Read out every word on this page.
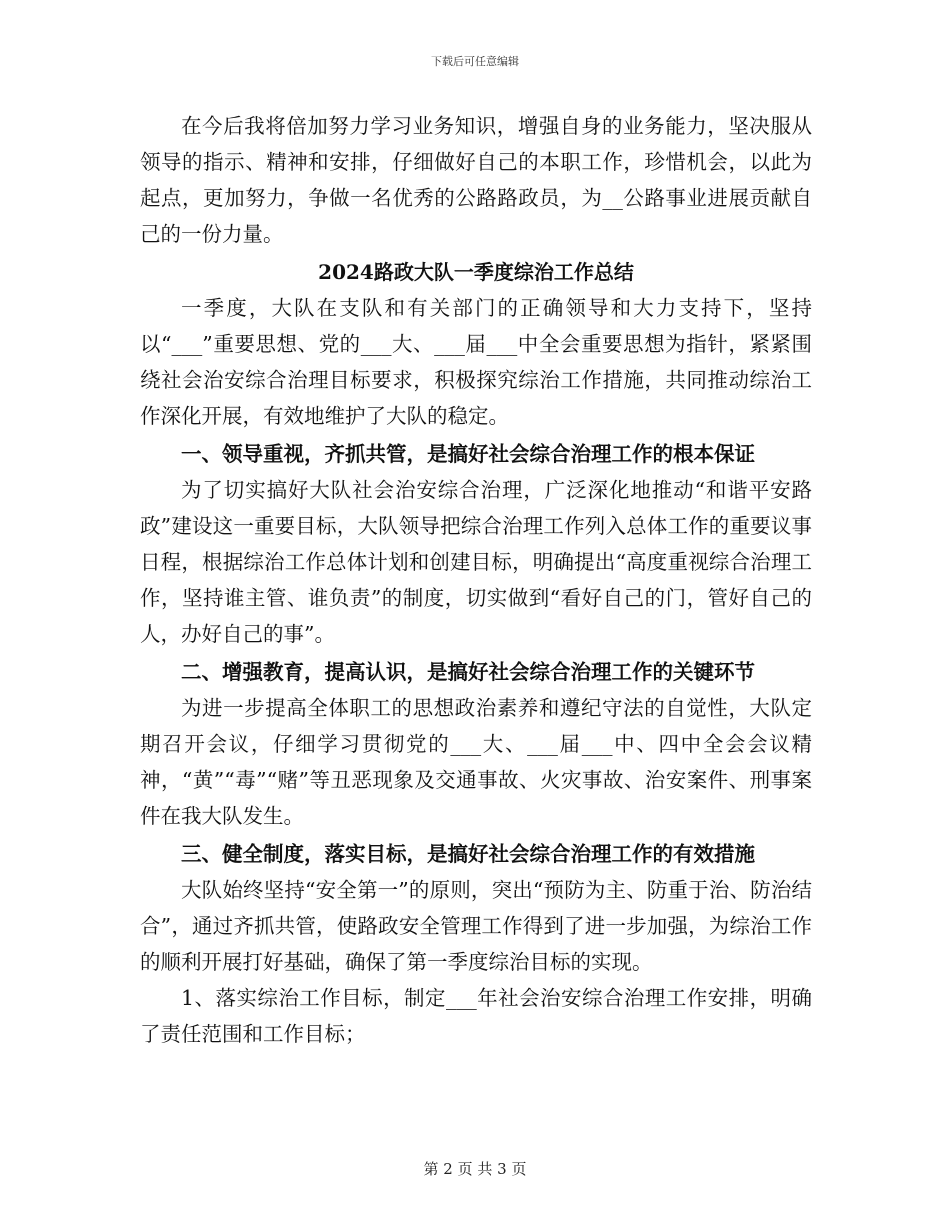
下载后可任意编辑

在今后我将倍加努力学习业务知识，增强自身的业务能力，坚决服从领导的指示、精神和安排，仔细做好自己的本职工作，珍惜机会，以此为起点，更加努力，争做一名优秀的公路路政员，为__公路事业进展贡献自己的一份力量。

2024路政大队一季度综治工作总结

一季度，大队在支队和有关部门的正确领导和大力支持下，坚持以“___”重要思想、党的___大、___届___中全会重要思想为指针，紧紧围绕社会治安综合治理目标要求，积极探究综治工作措施，共同推动综治工作深化开展，有效地维护了大队的稳定。

一、领导重视，齐抓共管，是搞好社会综合治理工作的根本保证

为了切实搞好大队社会治安综合治理，广泛深化地推动“和谐平安路政”建设这一重要目标，大队领导把综合治理工作列入总体工作的重要议事日程，根据综治工作总体计划和创建目标，明确提出“高度重视综合治理工作，坚持谁主管、谁负责”的制度，切实做到“看好自己的门，管好自己的人，办好自己的事”。

二、增强教育，提高认识，是搞好社会综合治理工作的关键环节

为进一步提高全体职工的思想政治素养和遵纪守法的自觉性，大队定期召开会议，仔细学习贯彻党的___大、___届___中、四中全会会议精神，“黄”“毒”“赌”等丑恶现象及交通事故、火灾事故、治安案件、刑事案件在我大队发生。

三、健全制度，落实目标，是搞好社会综合治理工作的有效措施

大队始终坚持“安全第一”的原则，突出“预防为主、防重于治、防治结合”，通过齐抓共管，使路政安全管理工作得到了进一步加强，为综治工作的顺利开展打好基础，确保了第一季度综治目标的实现。

1、落实综治工作目标，制定___年社会治安综合治理工作安排，明确了责任范围和工作目标；

第 2 页 共 3 页
